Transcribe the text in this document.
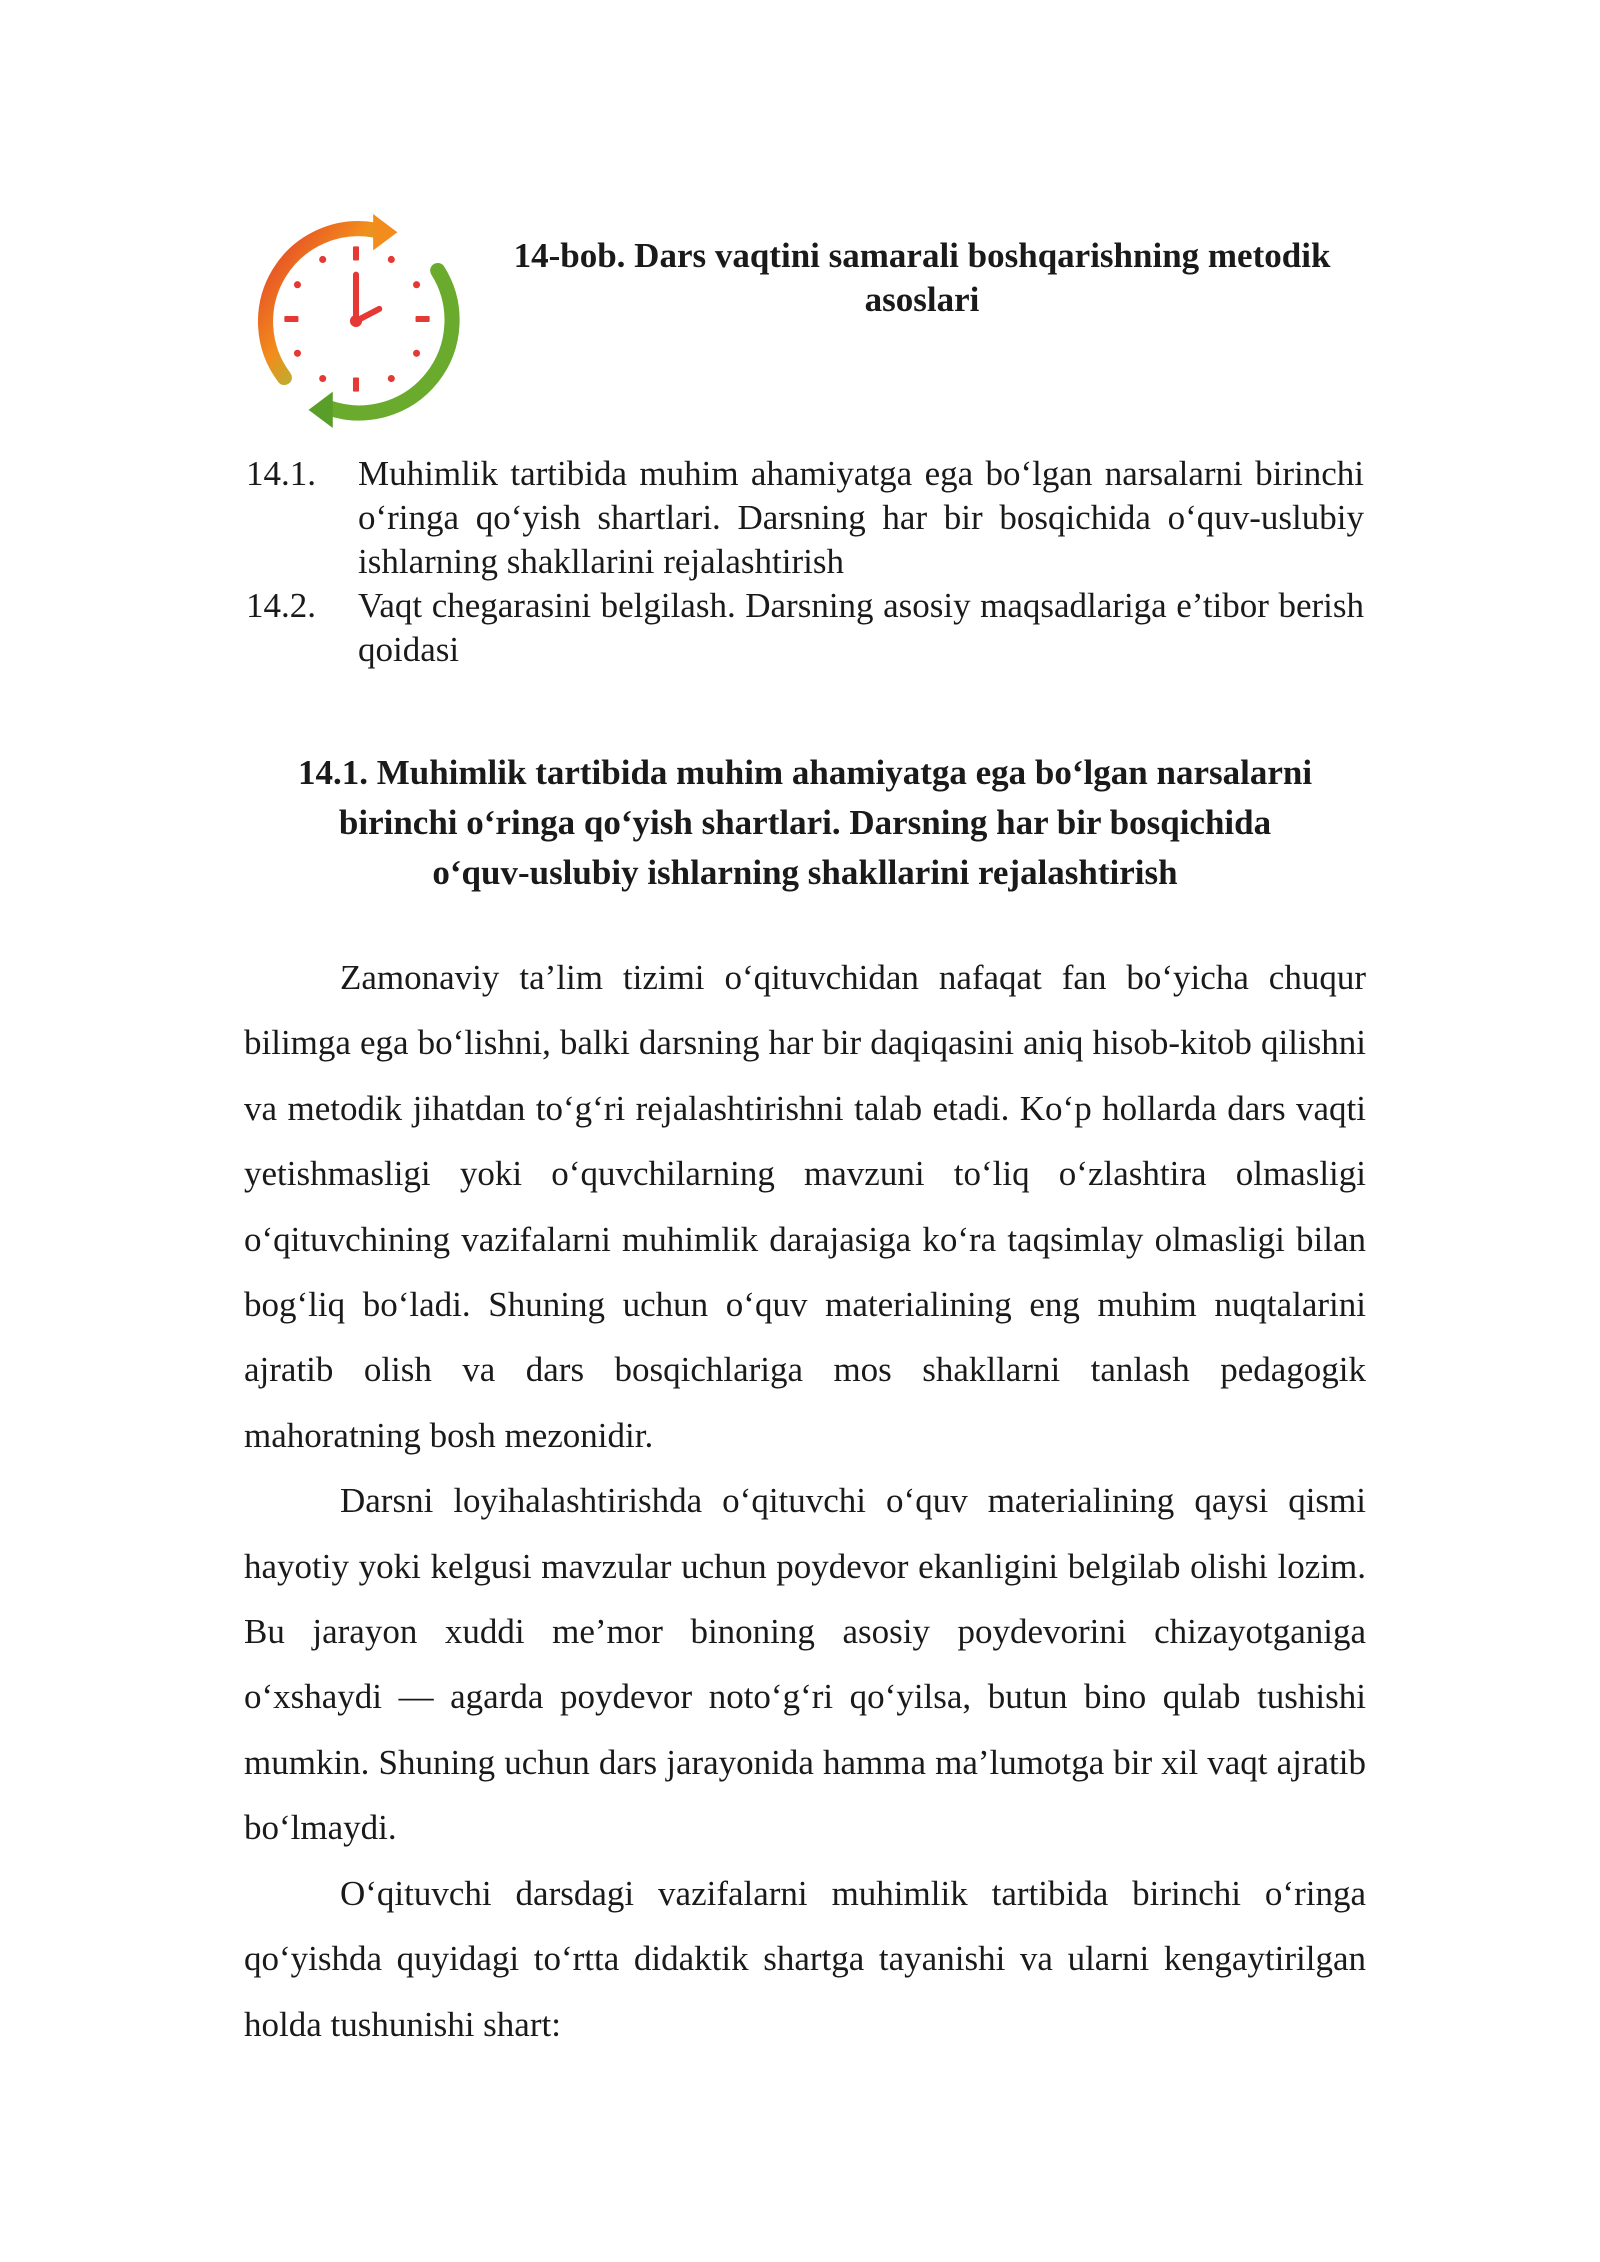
14-bob. Dars vaqtini samarali boshqarishning metodik asoslari
14.1.	Muhimlik tartibida muhim ahamiyatga ega bo‘lgan narsalarni birinchi o‘ringa qo‘yish shartlari. Darsning har bir bosqichida o‘quv-uslubiy ishlarning shakllarini rejalashtirish
14.2.	Vaqt chegarasini belgilash. Darsning asosiy maqsadlariga e’tibor berish qoidasi
14.1. Muhimlik tartibida muhim ahamiyatga ega bo‘lgan narsalarni birinchi o‘ringa qo‘yish shartlari. Darsning har bir bosqichida o‘quv-uslubiy ishlarning shakllarini rejalashtirish

Zamonaviy ta’lim tizimi o‘qituvchidan nafaqat fan bo‘yicha chuqur bilimga ega bo‘lishni, balki darsning har bir daqiqasini aniq hisob-kitob qilishni va metodik jihatdan to‘g‘ri rejalashtirishni talab etadi. Ko‘p hollarda dars vaqti yetishmasligi yoki o‘quvchilarning mavzuni to‘liq o‘zlashtira olmasligi o‘qituvchining vazifalarni muhimlik darajasiga ko‘ra taqsimlay olmasligi bilan bog‘liq bo‘ladi. Shuning uchun o‘quv materialining eng muhim nuqtalarini ajratib olish va dars bosqichlariga mos shakllarni tanlash pedagogik mahoratning bosh mezonidir.

Darsni loyihalashtirishda o‘qituvchi o‘quv materialining qaysi qismi hayotiy yoki kelgusi mavzular uchun poydevor ekanligini belgilab olishi lozim. Bu jarayon xuddi me’mor binoning asosiy poydevorini chizayotganiga o‘xshaydi — agarda poydevor noto‘g‘ri qo‘yilsa, butun bino qulab tushishi mumkin. Shuning uchun dars jarayonida hamma ma’lumotga bir xil vaqt ajratib bo‘lmaydi.

O‘qituvchi darsdagi vazifalarni muhimlik tartibida birinchi o‘ringa qo‘yishda quyidagi to‘rtta didaktik shartga tayanishi va ularni kengaytirilgan holda tushunishi shart:
